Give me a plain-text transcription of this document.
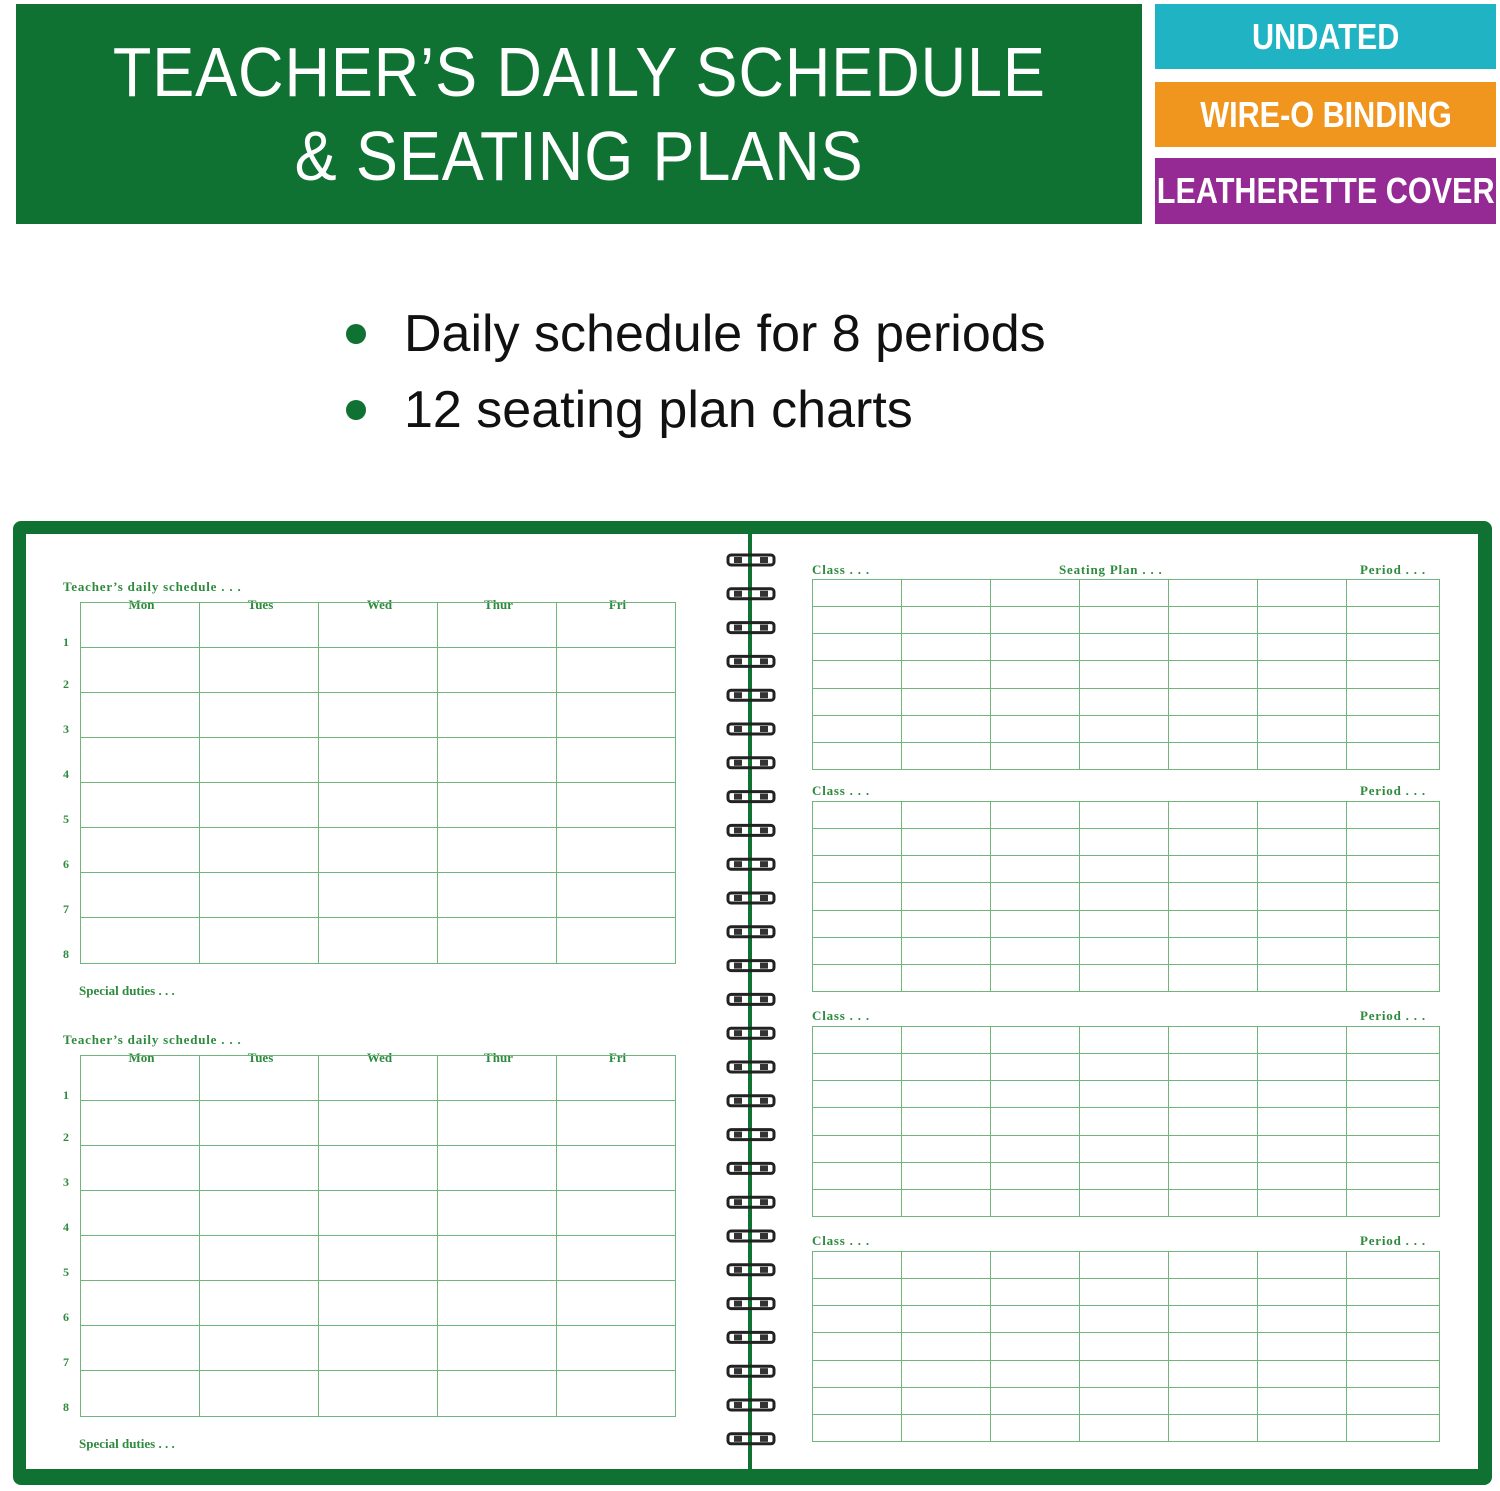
TEACHER’S DAILY SCHEDULE
& SEATING PLANS
UNDATED
WIRE-O BINDING
LEATHERETTE COVER
Daily schedule for 8 periods
12 seating plan charts
Teacher’s daily schedule . . .
Mon	Tues	Wed	Thur	Fri
1
2
3
4
5
6
7
8
Special duties . . .
Teacher’s daily schedule . . .
Mon	Tues	Wed	Thur	Fri
1
2
3
4
5
6
7
8
Special duties . . .
Class . . .	Seating Plan . . .	Period . . .
Class . . .	Period . . .
Class . . .	Period . . .
Class . . .	Period . . .
